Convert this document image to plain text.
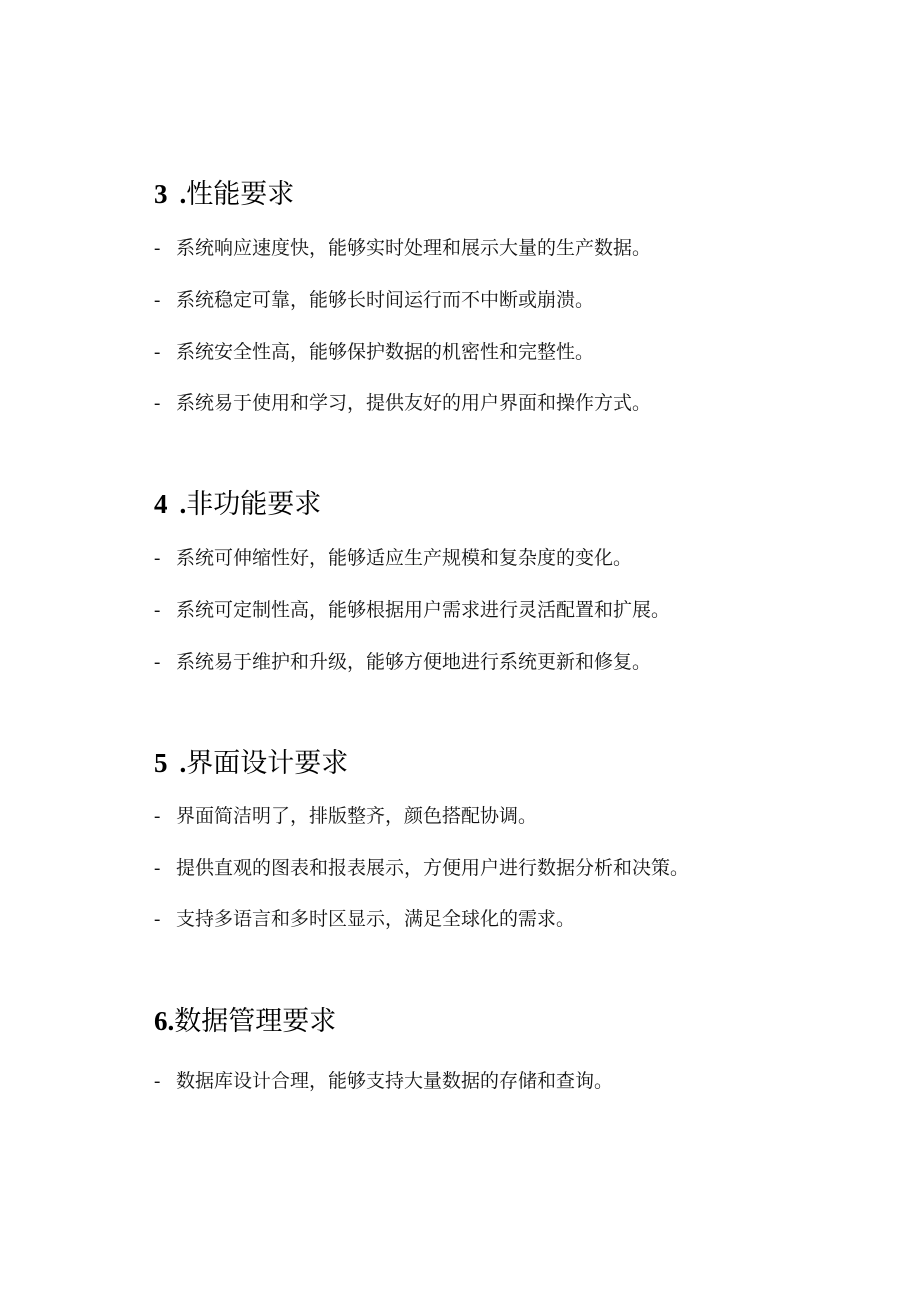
3 .性能要求

- 系统响应速度快，能够实时处理和展示大量的生产数据。

- 系统稳定可靠，能够长时间运行而不中断或崩溃。

- 系统安全性高，能够保护数据的机密性和完整性。

- 系统易于使用和学习，提供友好的用户界面和操作方式。

4 .非功能要求

- 系统可伸缩性好，能够适应生产规模和复杂度的变化。

- 系统可定制性高，能够根据用户需求进行灵活配置和扩展。

- 系统易于维护和升级，能够方便地进行系统更新和修复。

5 .界面设计要求

- 界面简洁明了，排版整齐，颜色搭配协调。

- 提供直观的图表和报表展示，方便用户进行数据分析和决策。

- 支持多语言和多时区显示，满足全球化的需求。

6.数据管理要求

- 数据库设计合理，能够支持大量数据的存储和查询。
